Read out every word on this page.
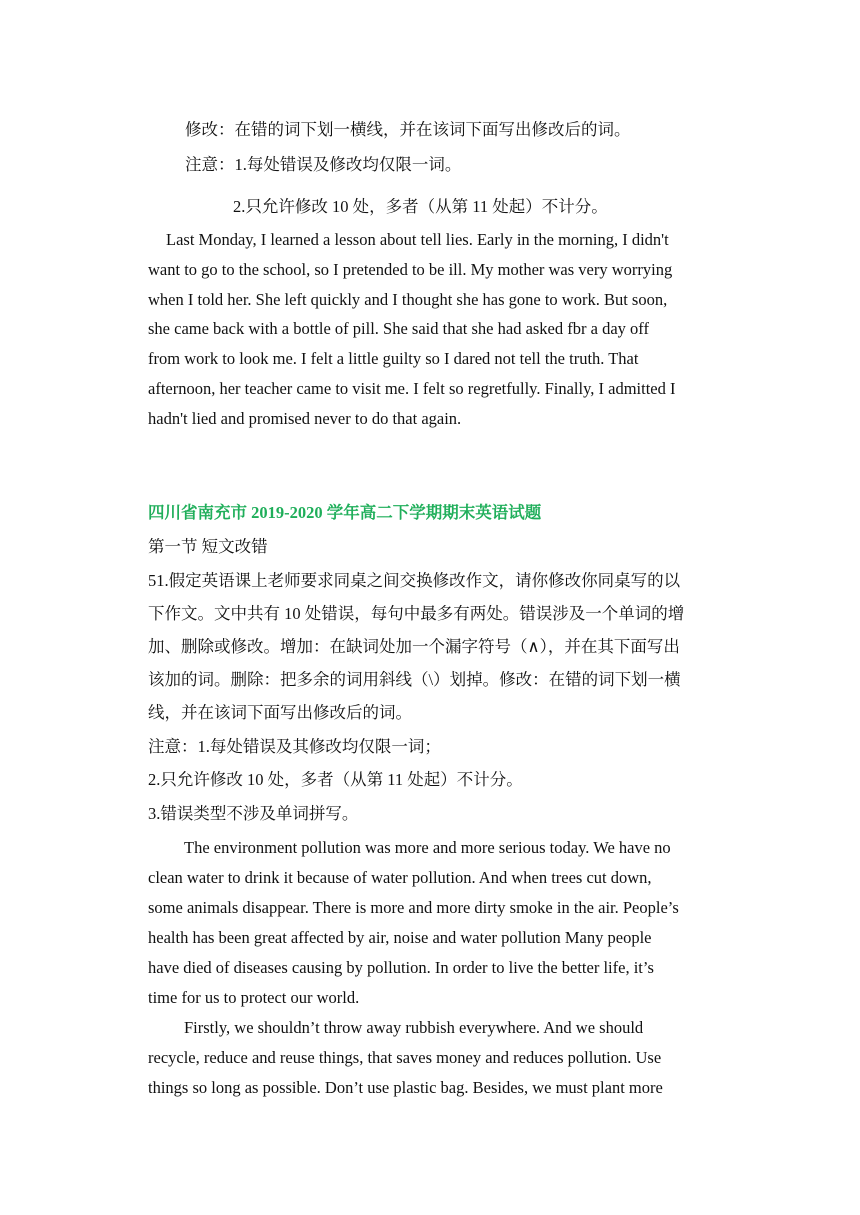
修改：在错的词下划一横线，并在该词下面写出修改后的词。
注意：1.每处错误及修改均仅限一词。
2.只允许修改 10 处，多者（从第 11 处起）不计分。
Last Monday, I learned a lesson about tell lies. Early in the morning, I didn't
want to go to the school, so I pretended to be ill. My mother was very worrying
when I told her. She left quickly and I thought she has gone to work. But soon,
she came back with a bottle of pill. She said that she had asked fbr a day off
from work to look me. I felt a little guilty so I dared not tell the truth. That
afternoon, her teacher came to visit me. I felt so regretfully. Finally, I admitted I
hadn't lied and promised never to do that again.
四川省南充市 2019-2020 学年高二下学期期末英语试题
第一节 短文改错
51.假定英语课上老师要求同桌之间交换修改作文，请你修改你同桌写的以
下作文。文中共有 10 处错误，每句中最多有两处。错误涉及一个单词的增
加、删除或修改。增加：在缺词处加一个漏字符号（∧），并在其下面写出
该加的词。删除：把多余的词用斜线（\）划掉。修改：在错的词下划一横
线，并在该词下面写出修改后的词。
注意：1.每处错误及其修改均仅限一词；
2.只允许修改 10 处，多者（从第 11 处起）不计分。
3.错误类型不涉及单词拼写。
The environment pollution was more and more serious today. We have no
clean water to drink it because of water pollution. And when trees cut down,
some animals disappear. There is more and more dirty smoke in the air. People’s
health has been great affected by air, noise and water pollution Many people
have died of diseases causing by pollution. In order to live the better life, it’s
time for us to protect our world.
Firstly, we shouldn’t throw away rubbish everywhere. And we should
recycle, reduce and reuse things, that saves money and reduces pollution. Use
things so long as possible. Don’t use plastic bag. Besides, we must plant more
